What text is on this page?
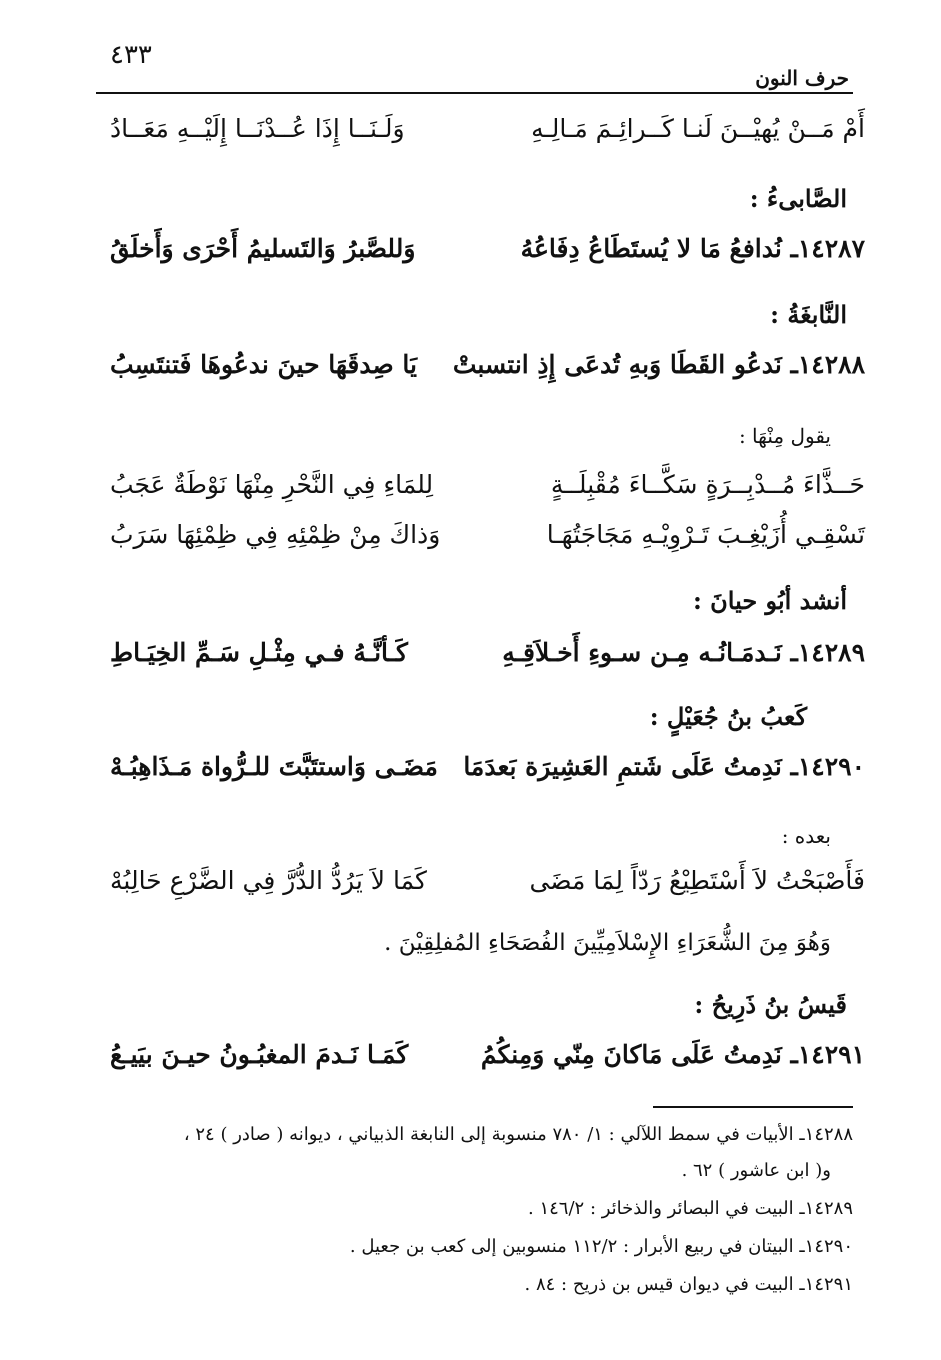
٤٣٣
حرف النون
أَمْ مَــنْ يُهيْــنَ لَنـا كَــرائِـمَ مَـالِـهِ
وَلَـنَــا إِذَا عُــدْنَــا إِلَيْــهِ مَعَــادُ
الصَّابىءُ :
١٤٢٨٧ـ نُدافعُ مَا لا يُستَطَاعُ دِفَاعُهُ
وَللصَّبرُ وَالتَسليمُ أَحْرَى وَأَخلَقُ
النَّابغَةُ :
١٤٢٨٨ـ نَدعُو القَطَا وَبهِ تُدعَى إِذِ انتسبتْ
يَا صِدقَهَا حينَ ندعُوهَا فَتنتَسِبُ
يقول مِنْهَا :
حَــذَّاءَ مُــدْبِــرَةٍ سَكَّــاءَ مُقْبِلَــةٍ
لِلمَاءِ فِي النَّحْرِ مِنْهَا نَوْطَةٌ عَجَبُ
تَسْقِـي أُزَيْغِـبَ تَـرْوِيْـهِ مَجَاجَتُهَـا
وَذاكَ مِنْ ظِمْئِهِ فِي ظِمْئِهَا سَرَبُ
أنشد أبُو حيانَ :
١٤٢٨٩ـ نَـدمَـانُـه مِـن سـوءِ أَخـلاَقِـهِ
كَـأنَّـهُ فـي مِثْـلِ سَـمِّ الخِيَـاطِ
كَعبُ بنُ جُعَيْلٍ :
١٤٢٩٠ـ نَدِمتُ عَلَى شَتمِ العَشِيرَة بَعدَمَا
مَضَـى وَاستتَبَّتَ للـرُّواة مَـذَاهِبُـهْ
بعده :
فَأَصْبَحْتُ لاَ أَسْتَطِيْعُ رَدّاً لِمَا مَضَى
كَمَا لاَ يَرُدُّ الدُّرَّ فِي الضَّرْعِ حَالِبُهْ
وَهُوَ مِنَ الشُّعَرَاءِ الإِسْلاَمِيِّينَ الفُصَحَاءِ المُفلِقِيْنَ .
قَيسُ بنُ ذَرِيحُ :
١٤٢٩١ـ نَدِمتُ عَلَى مَاكانَ مِنّي وَمِنكُمُ
كَمَـا نَـدمَ المغبُـونُ حيـنَ بيَيـعُ
١٤٢٨٨ـ الأبيات في سمط اللآلي : ١/ ٧٨٠ منسوبة إلى النابغة الذبياني ، ديوانه ( صادر ) ٢٤ ،
و( ابن عاشور ) ٦٢ .
١٤٢٨٩ـ البيت في البصائر والذخائر : ١٤٦/٢ .
١٤٢٩٠ـ البيتان في ربيع الأبرار : ١١٢/٢ منسوبين إلى كعب بن جعيل .
١٤٢٩١ـ البيت في ديوان قيس بن ذريح : ٨٤ .
